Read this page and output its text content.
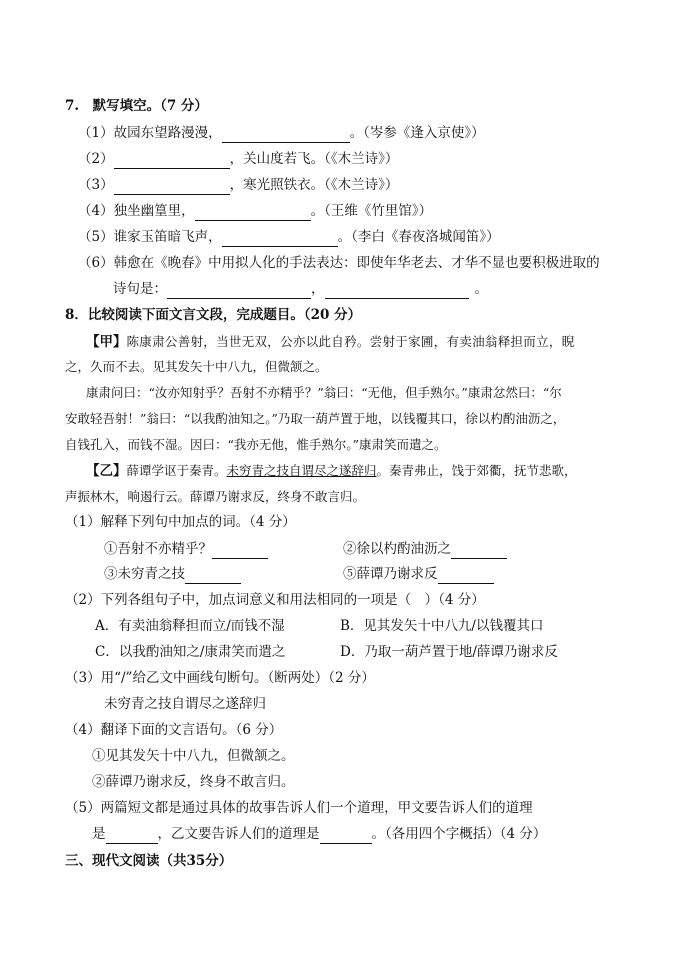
7.　默写填空。（7 分）
（1）故园东望路漫漫，	。（岑参《逢入京使》）
（2）	，关山度若飞。（《木兰诗》）
（3）	，寒光照铁衣。（《木兰诗》）
（4）独坐幽篁里，	。（王维《竹里馆》）
（5）谁家玉笛暗飞声，	。（李白《春夜洛城闻笛》）
（6）韩愈在《晚春》中用拟人化的手法表达：即使年华老去、才华不显也要积极进取的
诗句是：	，	。
8．比较阅读下面文言文段，完成题目。（20 分）
【甲】陈康肃公善射，当世无双，公亦以此自矜。尝射于家圃，有卖油翁释担而立，睨
之，久而不去。见其发矢十中八九，但微颔之。
康肃问曰：“汝亦知射乎？吾射不亦精乎？”翁曰：“无他，但手熟尔。”康肃忿然曰：“尔
安敢轻吾射！”翁曰：“以我酌油知之。”乃取一葫芦置于地，以钱覆其口，徐以杓酌油沥之，
自钱孔入，而钱不湿。因曰：“我亦无他，惟手熟尔。”康肃笑而遣之。
【乙】薛谭学讴于秦青。未穷青之技自谓尽之遂辞归。秦青弗止，饯于郊衢，抚节悲歌，
声振林木，响遏行云。薛谭乃谢求反，终身不敢言归。
（1）解释下列句中加点的词。（4 分）
①吾射不亦精乎？	②徐以杓酌油沥之
③未穷青之技	⑤薛谭乃谢求反
（2）下列各组句子中，加点词意义和用法相同的一项是（　）（4 分）
A．有卖油翁释担而立/而钱不湿	B．见其发矢十中八九/以钱覆其口
C．以我酌油知之/康肃笑而遣之	D．乃取一葫芦置于地/薛谭乃谢求反
（3）用“/”给乙文中画线句断句。（断两处）（2 分）
未穷青之技自谓尽之遂辞归
（4）翻译下面的文言语句。（6 分）
①见其发矢十中八九，但微颔之。
②薛谭乃谢求反，终身不敢言归。
（5）两篇短文都是通过具体的故事告诉人们一个道理，甲文要告诉人们的道理
是	，乙文要告诉人们的道理是	。（各用四个字概括）（4 分）
三、现代文阅读（共35分）
